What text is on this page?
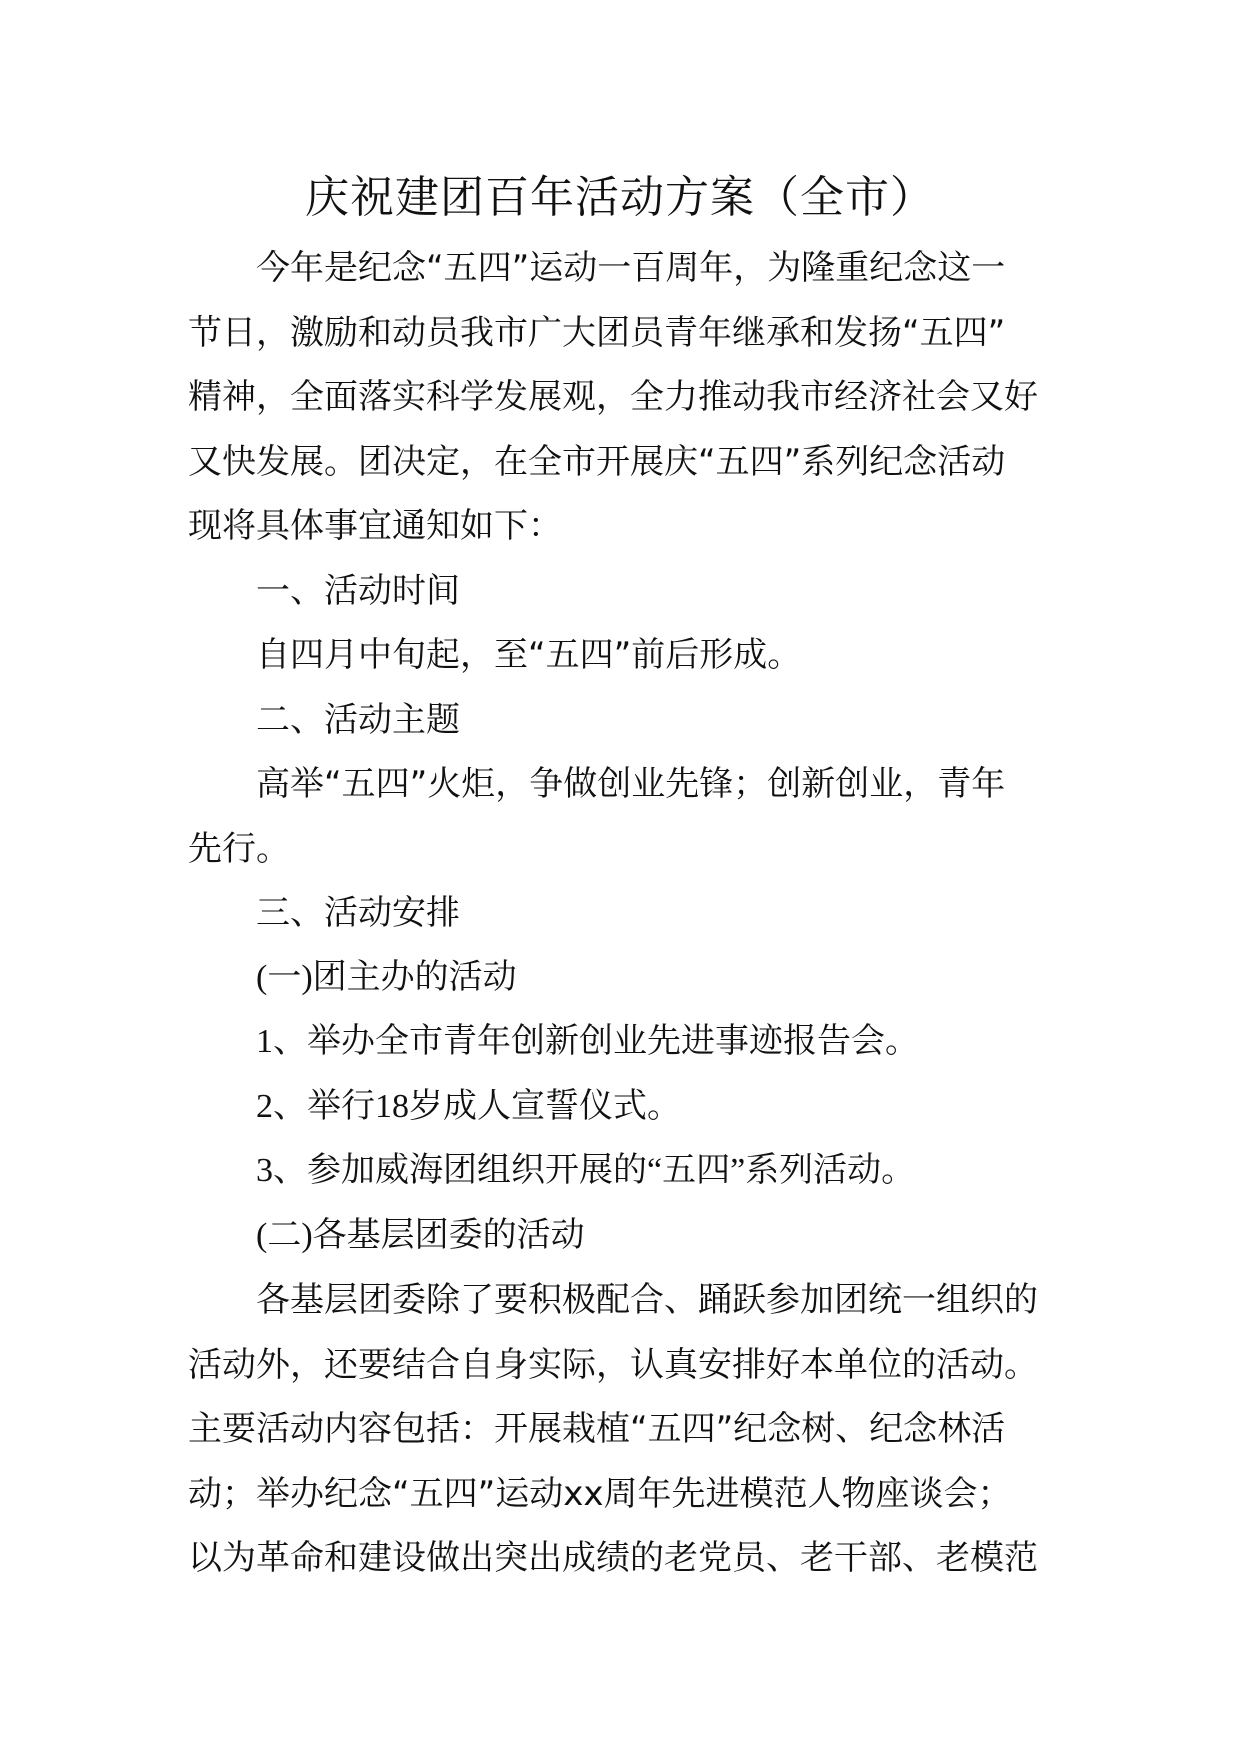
庆祝建团百年活动方案（全市）
今年是纪念“五四”运动一百周年，为隆重纪念这一
节日，激励和动员我市广大团员青年继承和发扬“五四”
精神，全面落实科学发展观，全力推动我市经济社会又好
又快发展。团决定，在全市开展庆“五四”系列纪念活动
现将具体事宜通知如下：
一、活动时间
自四月中旬起，至“五四”前后形成。
二、活动主题
高举“五四”火炬，争做创业先锋；创新创业，青年
先行。
三、活动安排
(一)团主办的活动
1、举办全市青年创新创业先进事迹报告会。
2、举行18岁成人宣誓仪式。
3、参加威海团组织开展的“五四”系列活动。
(二)各基层团委的活动
各基层团委除了要积极配合、踊跃参加团统一组织的
活动外，还要结合自身实际，认真安排好本单位的活动。
主要活动内容包括：开展栽植“五四”纪念树、纪念林活
动；举办纪念“五四”运动xx周年先进模范人物座谈会；
以为革命和建设做出突出成绩的老党员、老干部、老模范
